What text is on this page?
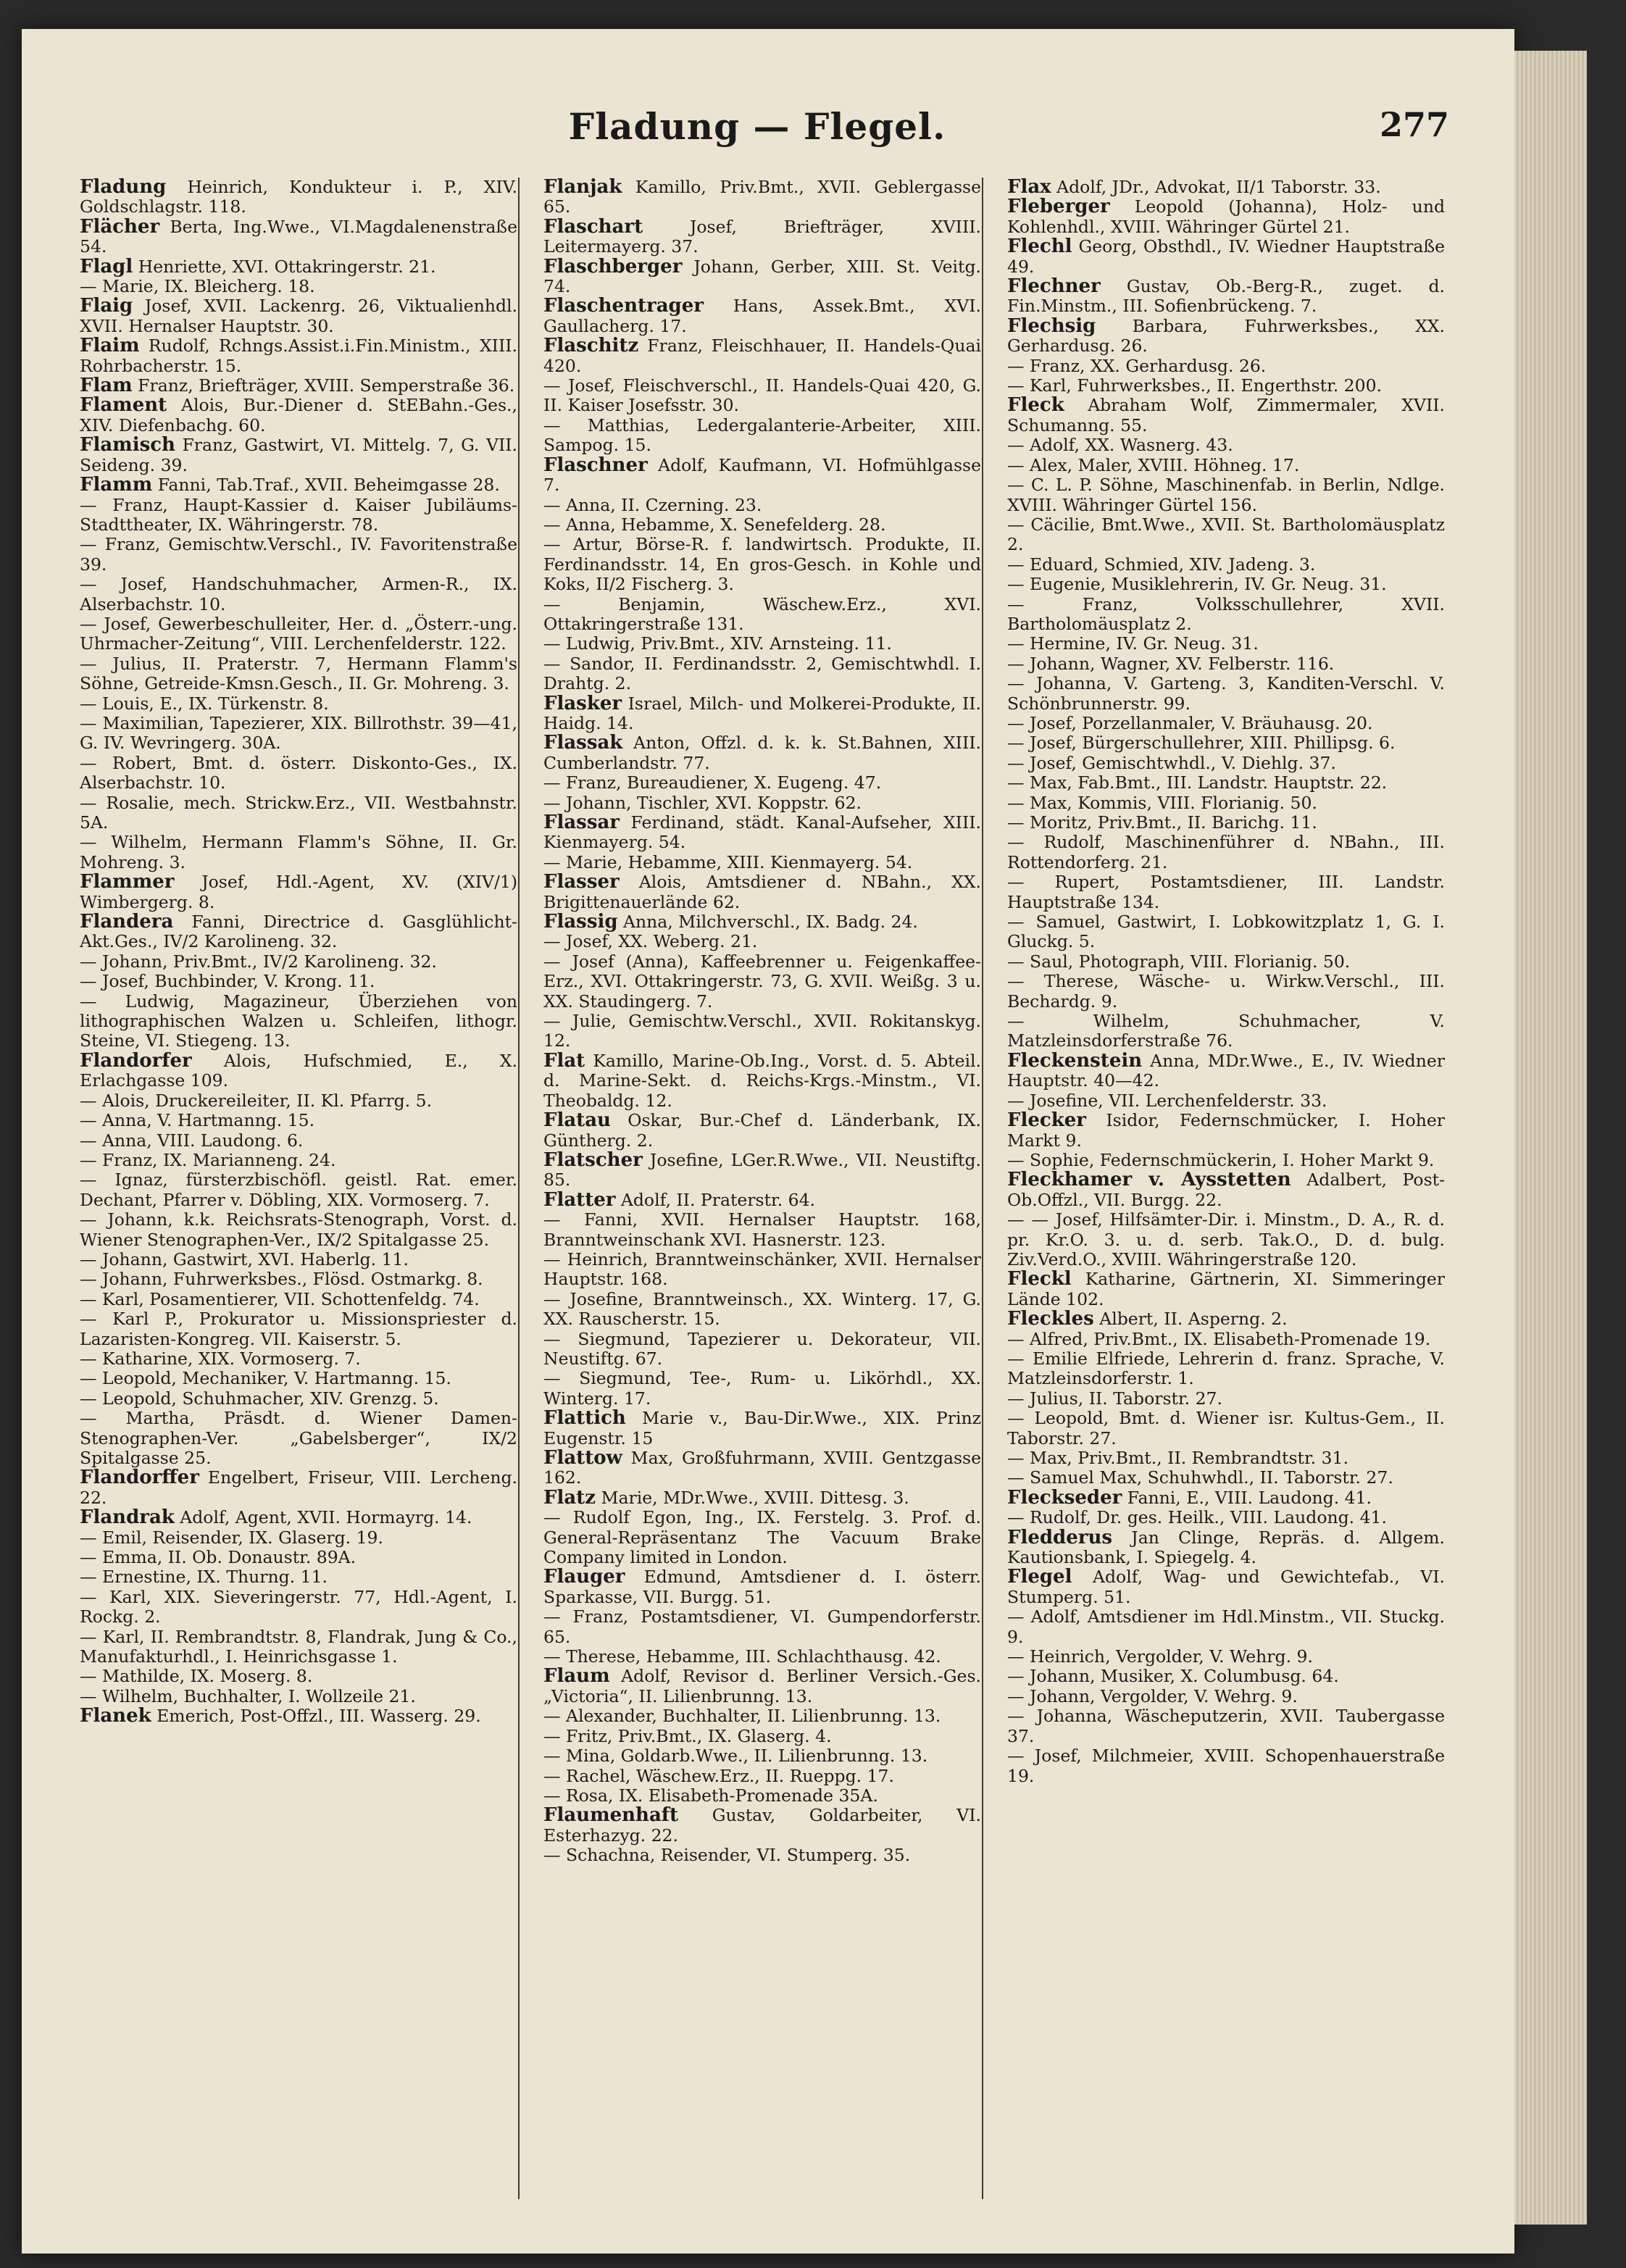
Fladung — Flegel.	277
Fladung Heinrich, Kondukteur i. P., XIV. Goldschlagstr. 118.
Flächer Berta, Ing.Wwe., VI.Magdalenenstraße 54.
Flagl Henriette, XVI. Ottakringerstr. 21.
— Marie, IX. Bleicherg. 18.
Flaig Josef, XVII. Lackenrg. 26, Viktualienhdl. XVII. Hernalser Hauptstr. 30.
Flaim Rudolf, Rchngs.Assist.i.Fin.Ministm., XIII. Rohrbacherstr. 15.
Flam Franz, Briefträger, XVIII. Semperstraße 36.
Flament Alois, Bur.-Diener d. StEBahn.-Ges., XIV. Diefenbachg. 60.
Flamisch Franz, Gastwirt, VI. Mittelg. 7, G. VII. Seideng. 39.
Flamm Fanni, Tab.Traf., XVII. Beheimgasse 28.
— Franz, Haupt-Kassier d. Kaiser Jubiläums-Stadttheater, IX. Währingerstr. 78.
— Franz, Gemischtw.Verschl., IV. Favoritenstraße 39.
— Josef, Handschuhmacher, Armen-R., IX. Alserbachstr. 10.
— Josef, Gewerbeschulleiter, Her. d. „Österr.-ung. Uhrmacher-Zeitung“, VIII. Lerchenfelderstr. 122.
— Julius, II. Praterstr. 7, Hermann Flamm's Söhne, Getreide-Kmsn.Gesch., II. Gr. Mohreng. 3.
— Louis, E., IX. Türkenstr. 8.
— Maximilian, Tapezierer, XIX. Billrothstr. 39—41, G. IV. Wevringerg. 30A.
— Robert, Bmt. d. österr. Diskonto-Ges., IX. Alserbachstr. 10.
— Rosalie, mech. Strickw.Erz., VII. Westbahnstr. 5A.
— Wilhelm, Hermann Flamm's Söhne, II. Gr. Mohreng. 3.
Flammer Josef, Hdl.-Agent, XV. (XIV/1) Wimbergerg. 8.
Flandera Fanni, Directrice d. Gasglühlicht-Akt.Ges., IV/2 Karolineng. 32.
— Johann, Priv.Bmt., IV/2 Karolineng. 32.
— Josef, Buchbinder, V. Krong. 11.
— Ludwig, Magazineur, Überziehen von lithographischen Walzen u. Schleifen, lithogr. Steine, VI. Stiegeng. 13.
Flandorfer Alois, Hufschmied, E., X. Erlachgasse 109.
— Alois, Druckereileiter, II. Kl. Pfarrg. 5.
— Anna, V. Hartmanng. 15.
— Anna, VIII. Laudong. 6.
— Franz, IX. Marianneng. 24.
— Ignaz, fürsterzbischöfl. geistl. Rat. emer. Dechant, Pfarrer v. Döbling, XIX. Vormoserg. 7.
— Johann, k.k. Reichsrats-Stenograph, Vorst. d. Wiener Stenographen-Ver., IX/2 Spitalgasse 25.
— Johann, Gastwirt, XVI. Haberlg. 11.
— Johann, Fuhrwerksbes., Flösd. Ostmarkg. 8.
— Karl, Posamentierer, VII. Schottenfeldg. 74.
— Karl P., Prokurator u. Missionspriester d. Lazaristen-Kongreg. VII. Kaiserstr. 5.
— Katharine, XIX. Vormoserg. 7.
— Leopold, Mechaniker, V. Hartmanng. 15.
— Leopold, Schuhmacher, XIV. Grenzg. 5.
— Martha, Präsdt. d. Wiener Damen-Stenographen-Ver. „Gabelsberger“, IX/2 Spitalgasse 25.
Flandorffer Engelbert, Friseur, VIII. Lercheng. 22.
Flandrak Adolf, Agent, XVII. Hormayrg. 14.
— Emil, Reisender, IX. Glaserg. 19.
— Emma, II. Ob. Donaustr. 89A.
— Ernestine, IX. Thurng. 11.
— Karl, XIX. Sieveringerstr. 77, Hdl.-Agent, I. Rockg. 2.
— Karl, II. Rembrandtstr. 8, Flandrak, Jung & Co., Manufakturhdl., I. Heinrichsgasse 1.
— Mathilde, IX. Moserg. 8.
— Wilhelm, Buchhalter, I. Wollzeile 21.
Flanek Emerich, Post-Offzl., III. Wasserg. 29.
Flanjak Kamillo, Priv.Bmt., XVII. Geblergasse 65.
Flaschart Josef, Briefträger, XVIII. Leitermayerg. 37.
Flaschberger Johann, Gerber, XIII. St. Veitg. 74.
Flaschentrager Hans, Assek.Bmt., XVI. Gaullacherg. 17.
Flaschitz Franz, Fleischhauer, II. Handels-Quai 420.
— Josef, Fleischverschl., II. Handels-Quai 420, G. II. Kaiser Josefsstr. 30.
— Matthias, Ledergalanterie-Arbeiter, XIII. Sampog. 15.
Flaschner Adolf, Kaufmann, VI. Hofmühlgasse 7.
— Anna, II. Czerning. 23.
— Anna, Hebamme, X. Senefelderg. 28.
— Artur, Börse-R. f. landwirtsch. Produkte, II. Ferdinandsstr. 14, En gros-Gesch. in Kohle und Koks, II/2 Fischerg. 3.
— Benjamin, Wäschew.Erz., XVI. Ottakringerstraße 131.
— Ludwig, Priv.Bmt., XIV. Arnsteing. 11.
— Sandor, II. Ferdinandsstr. 2, Gemischtwhdl. I. Drahtg. 2.
Flasker Israel, Milch- und Molkerei-Produkte, II. Haidg. 14.
Flassak Anton, Offzl. d. k. k. St.Bahnen, XIII. Cumberlandstr. 77.
— Franz, Bureaudiener, X. Eugeng. 47.
— Johann, Tischler, XVI. Koppstr. 62.
Flassar Ferdinand, städt. Kanal-Aufseher, XIII. Kienmayerg. 54.
— Marie, Hebamme, XIII. Kienmayerg. 54.
Flasser Alois, Amtsdiener d. NBahn., XX. Brigittenauerlände 62.
Flassig Anna, Milchverschl., IX. Badg. 24.
— Josef, XX. Weberg. 21.
— Josef (Anna), Kaffeebrenner u. Feigenkaffee-Erz., XVI. Ottakringerstr. 73, G. XVII. Weißg. 3 u. XX. Staudingerg. 7.
— Julie, Gemischtw.Verschl., XVII. Rokitanskyg. 12.
Flat Kamillo, Marine-Ob.Ing., Vorst. d. 5. Abteil. d. Marine-Sekt. d. Reichs-Krgs.-Minstm., VI. Theobaldg. 12.
Flatau Oskar, Bur.-Chef d. Länderbank, IX. Güntherg. 2.
Flatscher Josefine, LGer.R.Wwe., VII. Neustiftg. 85.
Flatter Adolf, II. Praterstr. 64.
— Fanni, XVII. Hernalser Hauptstr. 168, Branntweinschank XVI. Hasnerstr. 123.
— Heinrich, Branntweinschänker, XVII. Hernalser Hauptstr. 168.
— Josefine, Branntweinsch., XX. Winterg. 17, G. XX. Rauscherstr. 15.
— Siegmund, Tapezierer u. Dekorateur, VII. Neustiftg. 67.
— Siegmund, Tee-, Rum- u. Likörhdl., XX. Winterg. 17.
Flattich Marie v., Bau-Dir.Wwe., XIX. Prinz Eugenstr. 15
Flattow Max, Großfuhrmann, XVIII. Gentzgasse 162.
Flatz Marie, MDr.Wwe., XVIII. Dittesg. 3.
— Rudolf Egon, Ing., IX. Ferstelg. 3. Prof. d. General-Repräsentanz The Vacuum Brake Company limited in London.
Flauger Edmund, Amtsdiener d. I. österr. Sparkasse, VII. Burgg. 51.
— Franz, Postamtsdiener, VI. Gumpendorferstr. 65.
— Therese, Hebamme, III. Schlachthausg. 42.
Flaum Adolf, Revisor d. Berliner Versich.-Ges. „Victoria“, II. Lilienbrunng. 13.
— Alexander, Buchhalter, II. Lilienbrunng. 13.
— Fritz, Priv.Bmt., IX. Glaserg. 4.
— Mina, Goldarb.Wwe., II. Lilienbrunng. 13.
— Rachel, Wäschew.Erz., II. Rueppg. 17.
— Rosa, IX. Elisabeth-Promenade 35A.
Flaumenhaft Gustav, Goldarbeiter, VI. Esterhazyg. 22.
— Schachna, Reisender, VI. Stumperg. 35.
Flax Adolf, JDr., Advokat, II/1 Taborstr. 33.
Fleberger Leopold (Johanna), Holz- und Kohlenhdl., XVIII. Währinger Gürtel 21.
Flechl Georg, Obsthdl., IV. Wiedner Hauptstraße 49.
Flechner Gustav, Ob.-Berg-R., zuget. d. Fin.Minstm., III. Sofienbrückeng. 7.
Flechsig Barbara, Fuhrwerksbes., XX. Gerhardusg. 26.
— Franz, XX. Gerhardusg. 26.
— Karl, Fuhrwerksbes., II. Engerthstr. 200.
Fleck Abraham Wolf, Zimmermaler, XVII. Schumanng. 55.
— Adolf, XX. Wasnerg. 43.
— Alex, Maler, XVIII. Höhneg. 17.
— C. L. P. Söhne, Maschinenfab. in Berlin, Ndlge. XVIII. Währinger Gürtel 156.
— Cäcilie, Bmt.Wwe., XVII. St. Bartholomäusplatz 2.
— Eduard, Schmied, XIV. Jadeng. 3.
— Eugenie, Musiklehrerin, IV. Gr. Neug. 31.
— Franz, Volksschullehrer, XVII. Bartholomäusplatz 2.
— Hermine, IV. Gr. Neug. 31.
— Johann, Wagner, XV. Felberstr. 116.
— Johanna, V. Garteng. 3, Kanditen-Verschl. V. Schönbrunnerstr. 99.
— Josef, Porzellanmaler, V. Bräuhausg. 20.
— Josef, Bürgerschullehrer, XIII. Phillipsg. 6.
— Josef, Gemischtwhdl., V. Diehlg. 37.
— Max, Fab.Bmt., III. Landstr. Hauptstr. 22.
— Max, Kommis, VIII. Florianig. 50.
— Moritz, Priv.Bmt., II. Barichg. 11.
— Rudolf, Maschinenführer d. NBahn., III. Rottendorferg. 21.
— Rupert, Postamtsdiener, III. Landstr. Hauptstraße 134.
— Samuel, Gastwirt, I. Lobkowitzplatz 1, G. I. Gluckg. 5.
— Saul, Photograph, VIII. Florianig. 50.
— Therese, Wäsche- u. Wirkw.Verschl., III. Bechardg. 9.
— Wilhelm, Schuhmacher, V. Matzleinsdorferstraße 76.
Fleckenstein Anna, MDr.Wwe., E., IV. Wiedner Hauptstr. 40—42.
— Josefine, VII. Lerchenfelderstr. 33.
Flecker Isidor, Federnschmücker, I. Hoher Markt 9.
— Sophie, Federnschmückerin, I. Hoher Markt 9.
Fleckhamer v. Aysstetten Adalbert, Post-Ob.Offzl., VII. Burgg. 22.
— — Josef, Hilfsämter-Dir. i. Minstm., D. A., R. d. pr. Kr.O. 3. u. d. serb. Tak.O., D. d. bulg. Ziv.Verd.O., XVIII. Währingerstraße 120.
Fleckl Katharine, Gärtnerin, XI. Simmeringer Lände 102.
Fleckles Albert, II. Asperng. 2.
— Alfred, Priv.Bmt., IX. Elisabeth-Promenade 19.
— Emilie Elfriede, Lehrerin d. franz. Sprache, V. Matzleinsdorferstr. 1.
— Julius, II. Taborstr. 27.
— Leopold, Bmt. d. Wiener isr. Kultus-Gem., II. Taborstr. 27.
— Max, Priv.Bmt., II. Rembrandtstr. 31.
— Samuel Max, Schuhwhdl., II. Taborstr. 27.
Fleckseder Fanni, E., VIII. Laudong. 41.
— Rudolf, Dr. ges. Heilk., VIII. Laudong. 41.
Fledderus Jan Clinge, Repräs. d. Allgem. Kautionsbank, I. Spiegelg. 4.
Flegel Adolf, Wag- und Gewichtefab., VI. Stumperg. 51.
— Adolf, Amtsdiener im Hdl.Minstm., VII. Stuckg. 9.
— Heinrich, Vergolder, V. Wehrg. 9.
— Johann, Musiker, X. Columbusg. 64.
— Johann, Vergolder, V. Wehrg. 9.
— Johanna, Wäscheputzerin, XVII. Taubergasse 37.
— Josef, Milchmeier, XVIII. Schopenhauerstraße 19.
